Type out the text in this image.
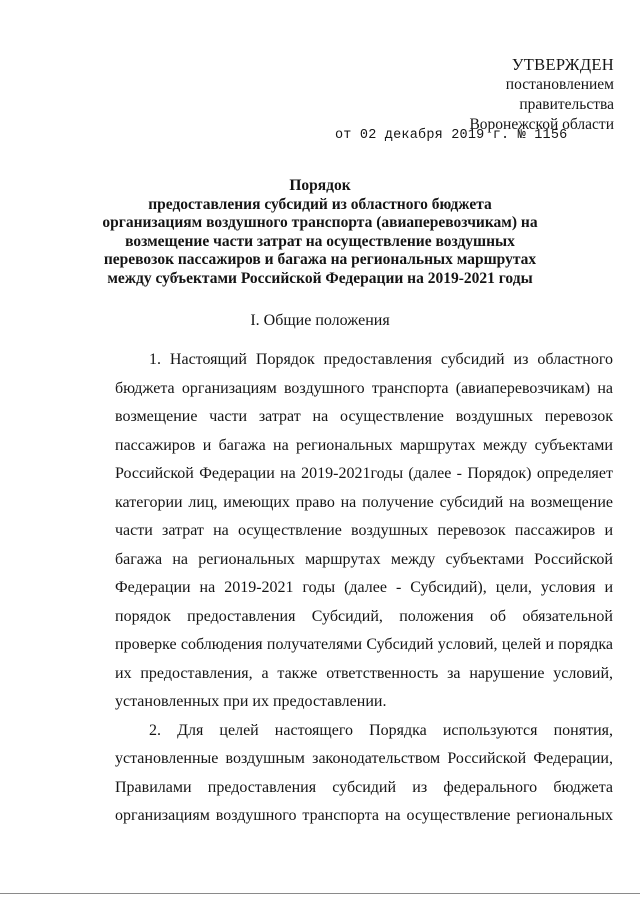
УТВЕРЖДЕН
постановлением
правительства
Воронежской области
от 02 декабря 2019 г. № 1156
Порядок
предоставления субсидий из областного бюджета организациям воздушного транспорта (авиаперевозчикам) на возмещение части затрат на осуществление воздушных перевозок пассажиров и багажа на региональных маршрутах между субъектами Российской Федерации на 2019-2021 годы
I. Общие положения

1. Настоящий Порядок предоставления субсидий из областного бюджета организациям воздушного транспорта (авиаперевозчикам) на возмещение части затрат на осуществление воздушных перевозок пассажиров и багажа на региональных маршрутах между субъектами Российской Федерации на 2019-2021годы (далее - Порядок) определяет категории лиц, имеющих право на получение субсидий на возмещение части затрат на осуществление воздушных перевозок пассажиров и багажа на региональных маршрутах между субъектами Российской Федерации на 2019-2021 годы (далее - Субсидий), цели, условия и порядок предоставления Субсидий, положения об обязательной проверке соблюдения получателями Субсидий условий, целей и порядка их предоставления, а также ответственность за нарушение условий, установленных при их предоставлении.

2. Для целей настоящего Порядка используются понятия, установленные воздушным законодательством Российской Федерации, Правилами предоставления субсидий из федерального бюджета организациям воздушного транспорта на осуществление региональных
